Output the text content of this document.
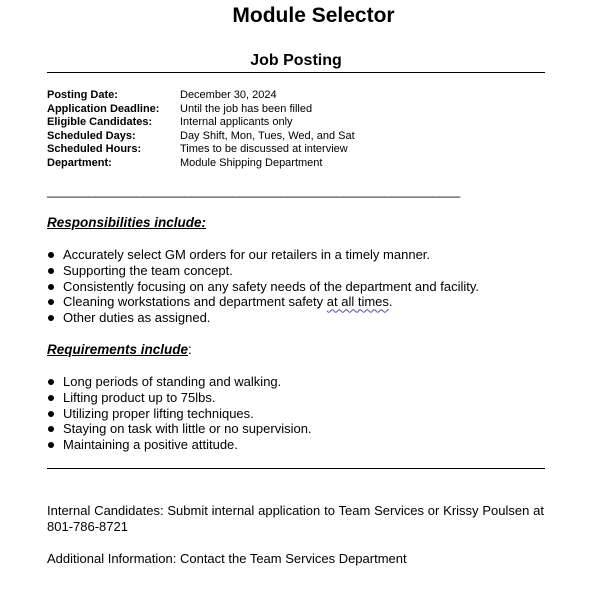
Module Selector
Job Posting
Posting Date:	December 30, 2024
Application Deadline:	Until the job has been filled
Eligible Candidates:	Internal applicants only
Scheduled Days:	Day Shift, Mon, Tues, Wed, and Sat
Scheduled Hours:	Times to be discussed at interview
Department:	Module Shipping Department
____________________________________________________________
Responsibilities include:
Accurately select GM orders for our retailers in a timely manner.
Supporting the team concept.
Consistently focusing on any safety needs of the department and facility.
Cleaning workstations and department safety at all times.
Other duties as assigned.
Requirements include:
Long periods of standing and walking.
Lifting product up to 75lbs.
Utilizing proper lifting techniques.
Staying on task with little or no supervision.
Maintaining a positive attitude.
Internal Candidates: Submit internal application to Team Services or Krissy Poulsen at 801-786-8721
Additional Information: Contact the Team Services Department
